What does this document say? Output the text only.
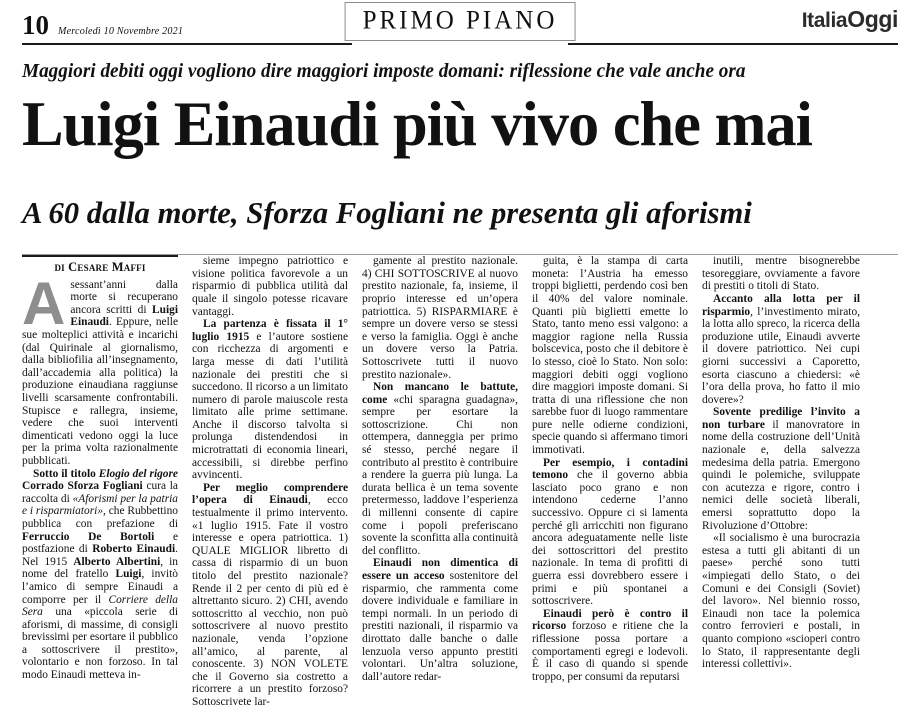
10 Mercoledì 10 Novembre 2021	PRIMO PIANO	ItaliaOggi
Maggiori debiti oggi vogliono dire maggiori imposte domani: riflessione che vale anche ora
Luigi Einaudi più vivo che mai
A 60 dalla morte, Sforza Fogliani ne presenta gli aforismi
di Cesare Maffi

Asessant’anni dalla morte si recuperano ancora scritti di Luigi Einaudi. Eppure, nelle sue molteplici attività e incarichi (dal Quirinale al giornalismo, dalla bibliofilia all’insegnamento, dall’accademia alla politica) la produzione einaudiana raggiunse livelli scarsamente confrontabili. Stupisce e rallegra, insieme, vedere che suoi interventi dimenticati vedono oggi la luce per la prima volta razionalmente pubblicati.

Sotto il titolo Elogio del rigore Corrado Sforza Fogliani cura la raccolta di «Aforismi per la patria e i risparmiatori», che Rubbettino pubblica con prefazione di Ferruccio De Bortoli e postfazione di Roberto Einaudi. Nel 1915 Alberto Albertini, in nome del fratello Luigi, invitò l’amico di sempre Einaudi a comporre per il Corriere della Sera una «piccola serie di aforismi, di massime, di consigli brevissimi per esortare il pubblico a sottoscrivere il prestito», volontario e non forzoso. In tal modo Einaudi metteva in-

sieme impegno patriottico e visione politica favorevole a un risparmio di pubblica utilità dal quale il singolo potesse ricavare vantaggi.

La partenza è fissata il 1° luglio 1915 e l’autore sostiene con ricchezza di argomenti e larga messe di dati l’utilità nazionale dei prestiti che si succedono. Il ricorso a un limitato numero di parole maiuscole resta limitato alle prime settimane. Anche il discorso talvolta si prolunga distendendosi in microtrattati di economia lineari, accessibili, si direbbe perfino avvincenti.

Per meglio comprendere l’opera di Einaudi, ecco testualmente il primo intervento. «1 luglio 1915. Fate il vostro interesse e opera patriottica. 1) QUALE MIGLIOR libretto di cassa di risparmio di un buon titolo del prestito nazionale? Rende il 2 per cento di più ed è altrettanto sicuro. 2) CHI, avendo sottoscritto al vecchio, non può sottoscrivere al nuovo prestito nazionale, venda l’opzione all’amico, al parente, al conoscente. 3) NON VOLETE che il Governo sia costretto a ricorrere a un prestito forzoso? Sottoscrivete lar-

gamente al prestito nazionale. 4) CHI SOTTOSCRIVE al nuovo prestito nazionale, fa, insieme, il proprio interesse ed un’opera patriottica. 5) RISPARMIARE è sempre un dovere verso se stessi e verso la famiglia. Oggi è anche un dovere verso la Patria. Sottoscrivete tutti il nuovo prestito nazionale».

Non mancano le battute, come «chi sparagna guadagna», sempre per esortare la sottoscrizione. Chi non ottempera, danneggia per primo sé stesso, perché negare il contributo al prestito è contribuire a rendere la guerra più lunga. La durata bellica è un tema sovente pretermesso, laddove l’esperienza di millenni consente di capire come i popoli preferiscano sovente la sconfitta alla continuità del conflitto.

Einaudi non dimentica di essere un acceso sostenitore del risparmio, che rammenta come dovere individuale e familiare in tempi normali. In un periodo di prestiti nazionali, il risparmio va dirottato dalle banche o dalle lenzuola verso appunto prestiti volontari. Un’altra soluzione, dall’autore redar-

guita, è la stampa di carta moneta: l’Austria ha emesso troppi biglietti, perdendo così ben il 40% del valore nominale. Quanti più biglietti emette lo Stato, tanto meno essi valgono: a maggior ragione nella Russia bolscevica, posto che il debitore è lo stesso, cioè lo Stato. Non solo: maggiori debiti oggi vogliono dire maggiori imposte domani. Si tratta di una riflessione che non sarebbe fuor di luogo rammentare pure nelle odierne condizioni, specie quando si affermano timori immotivati.

Per esempio, i contadini temono che il governo abbia lasciato poco grano e non intendono cederne l’anno successivo. Oppure ci si lamenta perché gli arricchiti non figurano ancora adeguatamente nelle liste dei sottoscrittori del prestito nazionale. In tema di profitti di guerra essi dovrebbero essere i primi e più spontanei a sottoscrivere.

Einaudi però è contro il ricorso forzoso e ritiene che la riflessione possa portare a comportamenti egregi e lodevoli. È il caso di quando si spende troppo, per consumi da reputarsi

inutili, mentre bisognerebbe tesoreggiare, ovviamente a favore di prestiti o titoli di Stato.

Accanto alla lotta per il risparmio, l’investimento mirato, la lotta allo spreco, la ricerca della produzione utile, Einaudi avverte il dovere patriottico. Nei cupi giorni successivi a Caporetto, esorta ciascuno a chiedersi: «è l’ora della prova, ho fatto il mio dovere»?

Sovente predilige l’invito a non turbare il manovratore in nome della costruzione dell’Unità nazionale e, della salvezza medesima della patria. Emergono quindi le polemiche, sviluppate con acutezza e rigore, contro i nemici delle società liberali, emersi soprattutto dopo la Rivoluzione d’Ottobre:

«Il socialismo è una burocrazia estesa a tutti gli abitanti di un paese» perché sono tutti «impiegati dello Stato, o dei Comuni e dei Consigli (Soviet) del lavoro». Nel biennio rosso, Einaudi non tace la polemica contro ferrovieri e postali, in quanto compiono «scioperi contro lo Stato, il rappresentante degli interessi collettivi».
